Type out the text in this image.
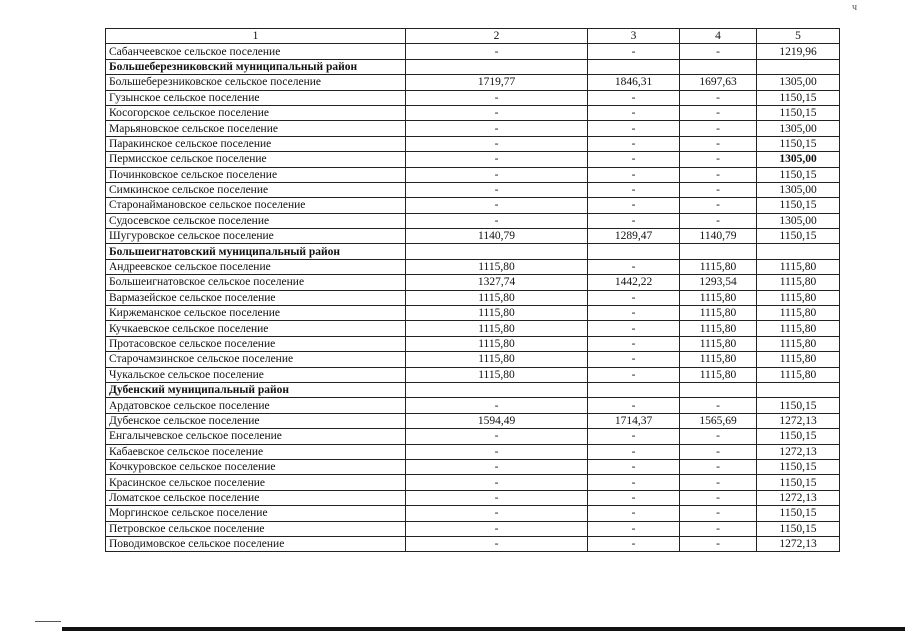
ч
1	2	3	4	5
Сабанчеевское сельское поселение	-	-	-	1219,96
Большеберезниковский муниципальный район				
Большеберезниковское сельское поселение	1719,77	1846,31	1697,63	1305,00
Гузынское сельское поселение	-	-	-	1150,15
Косогорское сельское поселение	-	-	-	1150,15
Марьяновское сельское поселение	-	-	-	1305,00
Паракинское сельское поселение	-	-	-	1150,15
Пермисское сельское поселение	-	-	-	1305,00
Починковское сельское поселение	-	-	-	1150,15
Симкинское сельское поселение	-	-	-	1305,00
Старонаймановское сельское поселение	-	-	-	1150,15
Судосевское сельское поселение	-	-	-	1305,00
Шугуровское сельское поселение	1140,79	1289,47	1140,79	1150,15
Большеигнатовский муниципальный район				
Андреевское сельское поселение	1115,80	-	1115,80	1115,80
Большеигнатовское сельское поселение	1327,74	1442,22	1293,54	1115,80
Вармазейское сельское поселение	1115,80	-	1115,80	1115,80
Киржеманское сельское поселение	1115,80	-	1115,80	1115,80
Кучкаевское сельское поселение	1115,80	-	1115,80	1115,80
Протасовское сельское поселение	1115,80	-	1115,80	1115,80
Старочамзинское сельское поселение	1115,80	-	1115,80	1115,80
Чукальское сельское поселение	1115,80	-	1115,80	1115,80
Дубенский муниципальный район				
Ардатовское сельское поселение	-	-	-	1150,15
Дубенское сельское поселение	1594,49	1714,37	1565,69	1272,13
Енгалычевское сельское поселение	-	-	-	1150,15
Кабаевское сельское поселение	-	-	-	1272,13
Кочкуровское сельское поселение	-	-	-	1150,15
Красинское сельское поселение	-	-	-	1150,15
Ломатское сельское поселение	-	-	-	1272,13
Моргинское сельское поселение	-	-	-	1150,15
Петровское сельское поселение	-	-	-	1150,15
Поводимовское сельское поселение	-	-	-	1272,13
